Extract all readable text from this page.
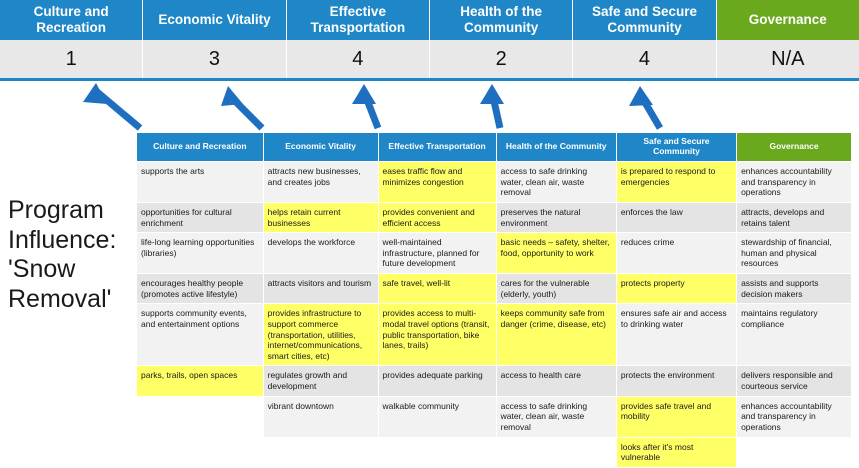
Culture and Recreation
Economic Vitality
Effective Transportation
Health of the Community
Safe and Secure Community
Governance
1	3	4	2	4	N/A
Program Influence: 'Snow Removal'
Culture and Recreation	Economic Vitality	Effective Transportation	Health of the Community	Safe and Secure Community	Governance
supports the arts	attracts new businesses, and creates jobs	eases traffic flow and minimizes congestion	access to safe drinking water, clean air, waste removal	is prepared to respond to emergencies	enhances accountability and transparency in operations
opportunities for cultural enrichment	helps retain current businesses	provides convenient and efficient access	preserves the natural environment	enforces the law	attracts, develops and retains talent
life-long learning opportunities (libraries)	develops the workforce	well-maintained infrastructure, planned for future development	basic needs – safety, shelter, food, opportunity to work	reduces crime	stewardship of financial, human and physical resources
encourages healthy people (promotes active lifestyle)	attracts visitors and tourism	safe travel, well-lit	cares for the vulnerable (elderly, youth)	protects property	assists and supports decision makers
supports community events, and entertainment options	provides infrastructure to support commerce (transportation, utilities, internet/communications, smart cities, etc)	provides access to multi-modal travel options (transit, public transportation, bike lanes, trails)	keeps community safe from danger (crime, disease, etc)	ensures safe air and access to drinking water	maintains regulatory compliance
parks, trails, open spaces	regulates growth and development	provides adequate parking	access to health care	protects the environment	delivers responsible and courteous service
	vibrant downtown	walkable community	access to safe drinking water, clean air, waste removal	provides safe travel and mobility	enhances accountability and transparency in operations
				looks after it's most vulnerable	
